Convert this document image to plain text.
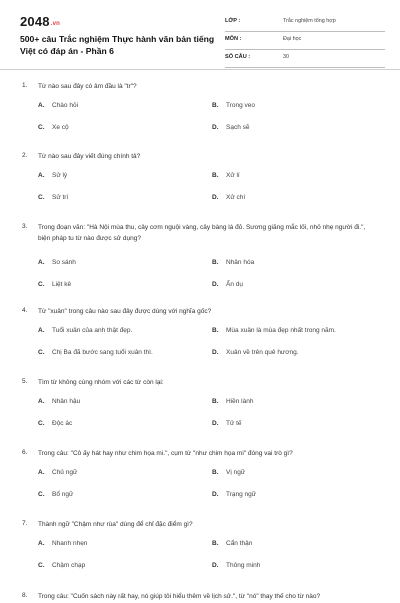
2048.vn
500+ câu Trắc nghiệm Thực hành văn bản tiếng Việt có đáp án - Phần 6
LỚP :	Trắc nghiệm tổng hợp
MÔN :	Đại học
SỐ CÂU :	30
1. Từ nào sau đây có âm đầu là "tr"?
A. Chào hỏi	B. Trong veo
C. Xe cộ	D. Sạch sẽ
2. Từ nào sau đây viết đúng chính tả?
A. Sử lý	B. Xử lí
C. Sử trí	D. Xử chí
3. Trong đoạn văn: "Hà Nội mùa thu, cây cơm nguội vàng, cây bàng lá đỏ. Sương giăng mắc lối, nhỏ nhẹ người đi.", biện pháp tu từ nào được sử dụng?
A. So sánh	B. Nhân hóa
C. Liệt kê	D. Ẩn dụ
4. Từ "xuân" trong câu nào sau đây được dùng với nghĩa gốc?
A. Tuổi xuân của anh thật đẹp.	B. Mùa xuân là mùa đẹp nhất trong năm.
C. Chị Ba đã bước sang tuổi xuân thì.	D. Xuân về trên quê hương.
5. Tìm từ không cùng nhóm với các từ còn lại:
A. Nhân hậu	B. Hiền lành
C. Độc ác	D. Tử tế
6. Trong câu: "Cô ấy hát hay như chim họa mi.", cụm từ "như chim họa mi" đóng vai trò gì?
A. Chủ ngữ	B. Vị ngữ
C. Bổ ngữ	D. Trạng ngữ
7. Thành ngữ "Chậm như rùa" dùng để chỉ đặc điểm gì?
A. Nhanh nhẹn	B. Cẩn thận
C. Chậm chạp	D. Thông minh
8. Trong câu: "Cuốn sách này rất hay, nó giúp tôi hiểu thêm về lịch sử.", từ "nó" thay thế cho từ nào?
